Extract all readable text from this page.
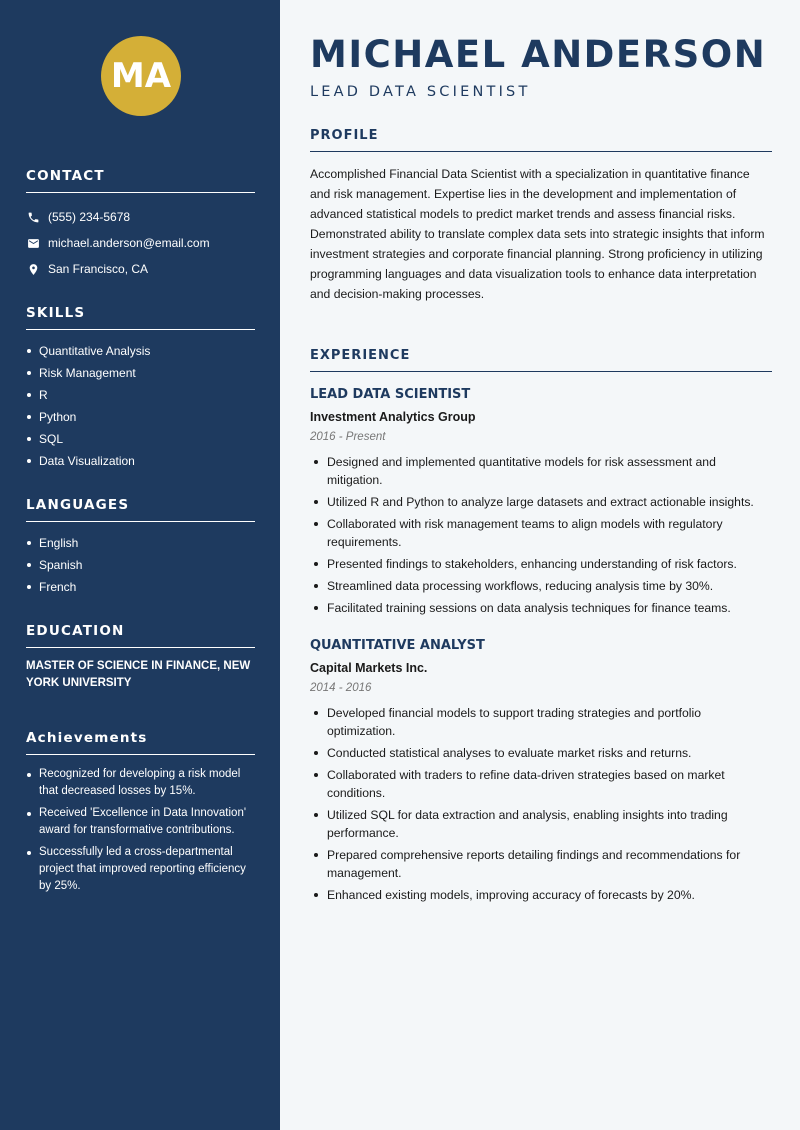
MA
CONTACT
(555) 234-5678
michael.anderson@email.com
San Francisco, CA
SKILLS
Quantitative Analysis
Risk Management
R
Python
SQL
Data Visualization
LANGUAGES
English
Spanish
French
EDUCATION
MASTER OF SCIENCE IN FINANCE, NEW YORK UNIVERSITY
Achievements
Recognized for developing a risk model that decreased losses by 15%.
Received 'Excellence in Data Innovation' award for transformative contributions.
Successfully led a cross-departmental project that improved reporting efficiency by 25%.
MICHAEL ANDERSON
LEAD DATA SCIENTIST
PROFILE
Accomplished Financial Data Scientist with a specialization in quantitative finance and risk management. Expertise lies in the development and implementation of advanced statistical models to predict market trends and assess financial risks. Demonstrated ability to translate complex data sets into strategic insights that inform investment strategies and corporate financial planning. Strong proficiency in utilizing programming languages and data visualization tools to enhance data interpretation and decision-making processes.
EXPERIENCE
LEAD DATA SCIENTIST
Investment Analytics Group
2016 - Present
Designed and implemented quantitative models for risk assessment and mitigation.
Utilized R and Python to analyze large datasets and extract actionable insights.
Collaborated with risk management teams to align models with regulatory requirements.
Presented findings to stakeholders, enhancing understanding of risk factors.
Streamlined data processing workflows, reducing analysis time by 30%.
Facilitated training sessions on data analysis techniques for finance teams.
QUANTITATIVE ANALYST
Capital Markets Inc.
2014 - 2016
Developed financial models to support trading strategies and portfolio optimization.
Conducted statistical analyses to evaluate market risks and returns.
Collaborated with traders to refine data-driven strategies based on market conditions.
Utilized SQL for data extraction and analysis, enabling insights into trading performance.
Prepared comprehensive reports detailing findings and recommendations for management.
Enhanced existing models, improving accuracy of forecasts by 20%.
